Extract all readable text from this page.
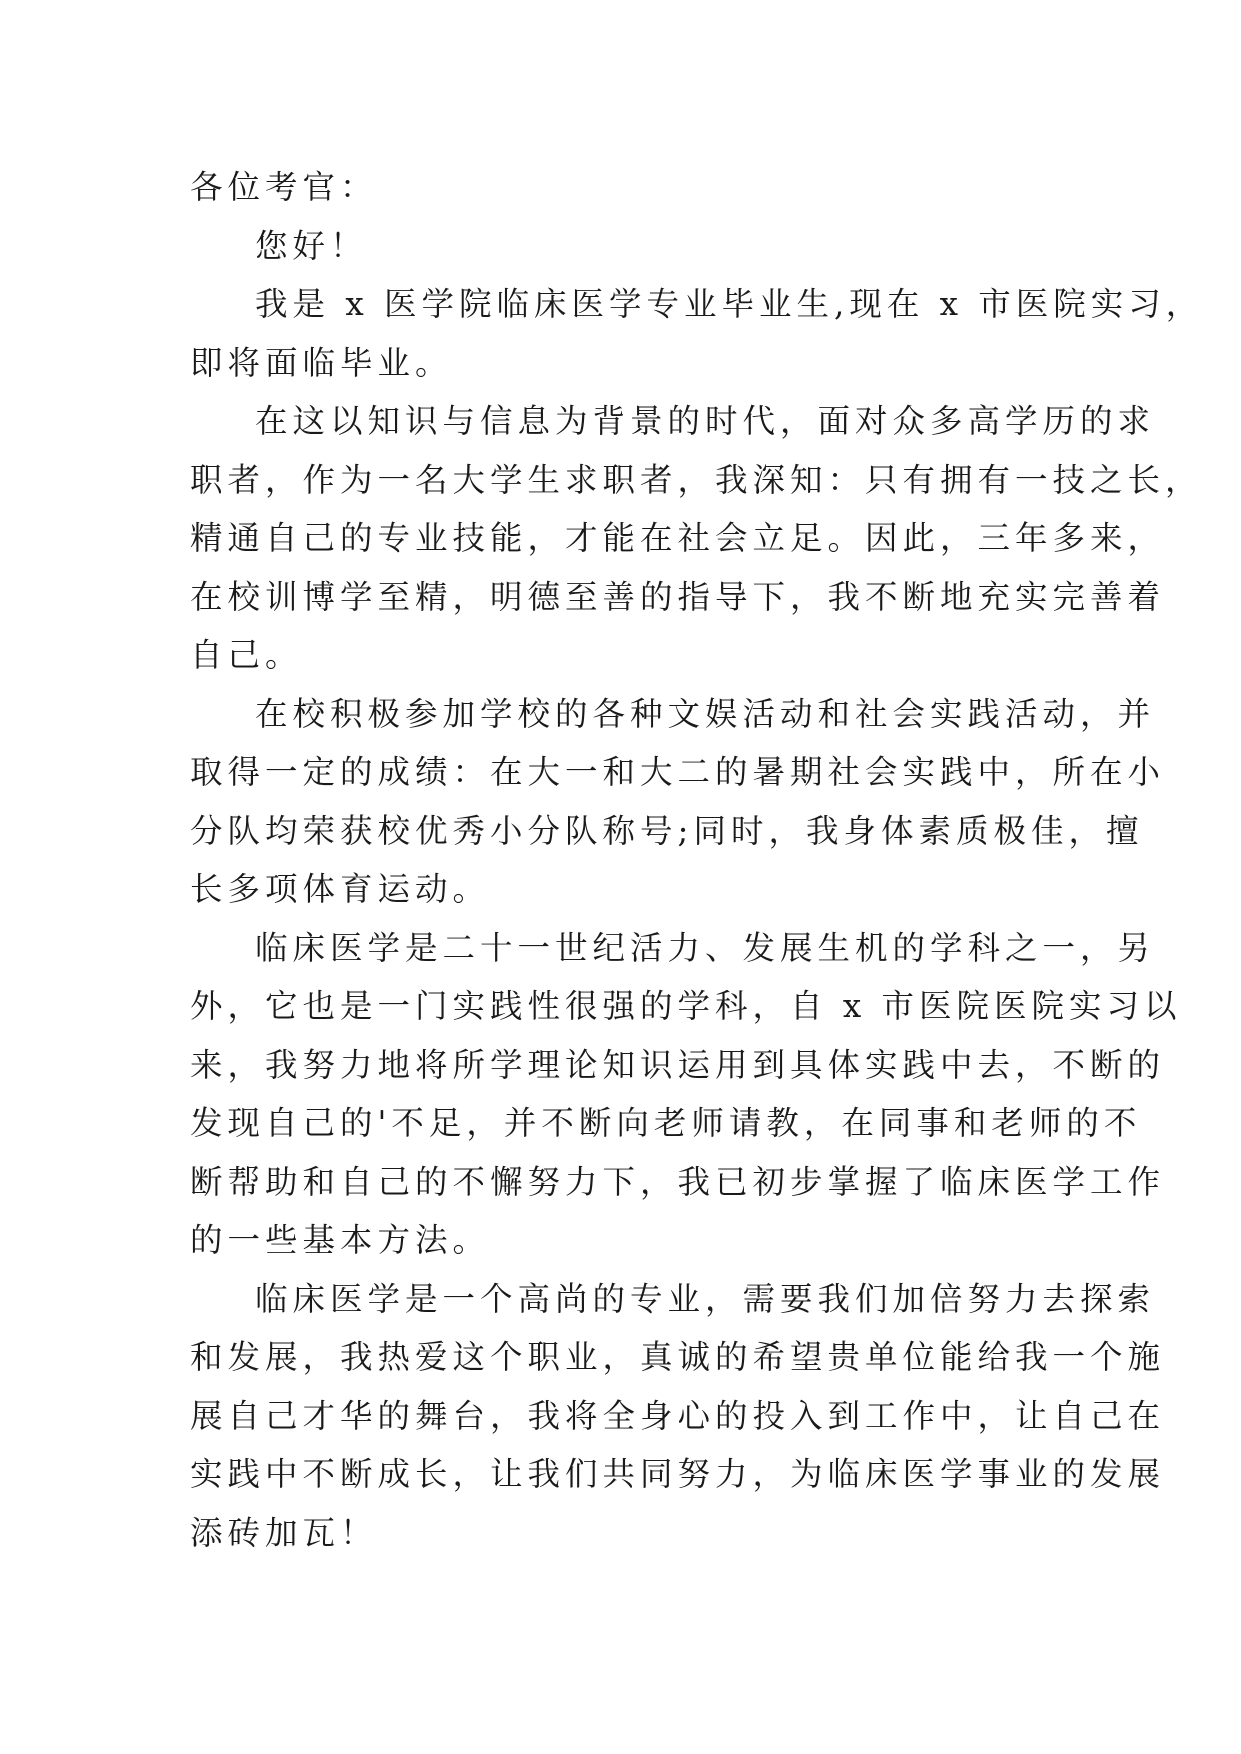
各位考官：
您好！
我是 x 医学院临床医学专业毕业生,现在 x 市医院实习，
即将面临毕业。
在这以知识与信息为背景的时代，面对众多高学历的求
职者，作为一名大学生求职者，我深知：只有拥有一技之长，
精通自己的专业技能，才能在社会立足。因此，三年多来，
在校训博学至精，明德至善的指导下，我不断地充实完善着
自己。
在校积极参加学校的各种文娱活动和社会实践活动，并
取得一定的成绩：在大一和大二的暑期社会实践中，所在小
分队均荣获校优秀小分队称号;同时，我身体素质极佳，擅
长多项体育运动。
临床医学是二十一世纪活力、发展生机的学科之一，另
外，它也是一门实践性很强的学科，自 x 市医院医院实习以
来，我努力地将所学理论知识运用到具体实践中去，不断的
发现自己的'不足，并不断向老师请教，在同事和老师的不
断帮助和自己的不懈努力下，我已初步掌握了临床医学工作
的一些基本方法。
临床医学是一个高尚的专业，需要我们加倍努力去探索
和发展，我热爱这个职业，真诚的希望贵单位能给我一个施
展自己才华的舞台，我将全身心的投入到工作中，让自己在
实践中不断成长，让我们共同努力，为临床医学事业的发展
添砖加瓦！
